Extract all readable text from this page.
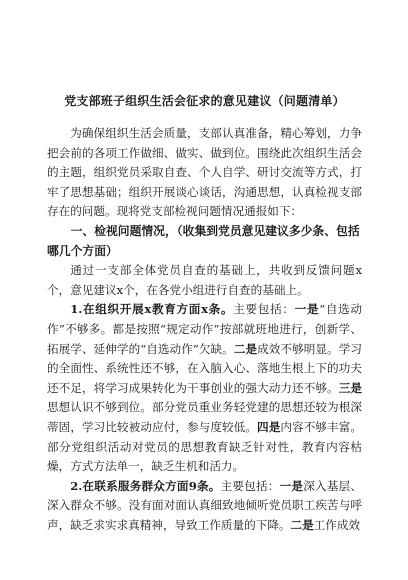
党支部班子组织生活会征求的意见建议（问题清单）

为确保组织生活会质量，支部认真准备，精心筹划，力争把会前的各项工作做细、做实、做到位。围绕此次组织生活会的主题，组织党员采取自查、个人自学、研讨交流等方式，打牢了思想基础；组织开展谈心谈话，沟通思想，认真检视支部存在的问题。现将党支部检视问题情况通报如下：

一、检视问题情况，（收集到党员意见建议多少条、包括哪几个方面）

通过一支部全体党员自查的基础上，共收到反馈问题x个，意见建议x个，在各党小组进行自查的基础上。

1.在组织开展x教育方面x条。主要包括：一是“自选动作”不够多。都是按照“规定动作”按部就班地进行，创新学、拓展学、延伸学的“自选动作”欠缺。二是成效不够明显。学习的全面性、系统性还不够，在入脑入心、落地生根上下的功夫还不足，将学习成果转化为干事创业的强大动力还不够。三是思想认识不够到位。部分党员重业务轻党建的思想还较为根深蒂固，学习比较被动应付，参与度较低。四是内容不够丰富。部分党组织活动对党员的思想教育缺乏针对性，教育内容枯燥，方式方法单一，缺乏生机和活力。

2.在联系服务群众方面9条。主要包括：一是深入基层、深入群众不够。没有面对面认真细致地倾听党员职工疾苦与呼声，缺乏求实求真精神，导致工作质量的下降。二是工作成效
